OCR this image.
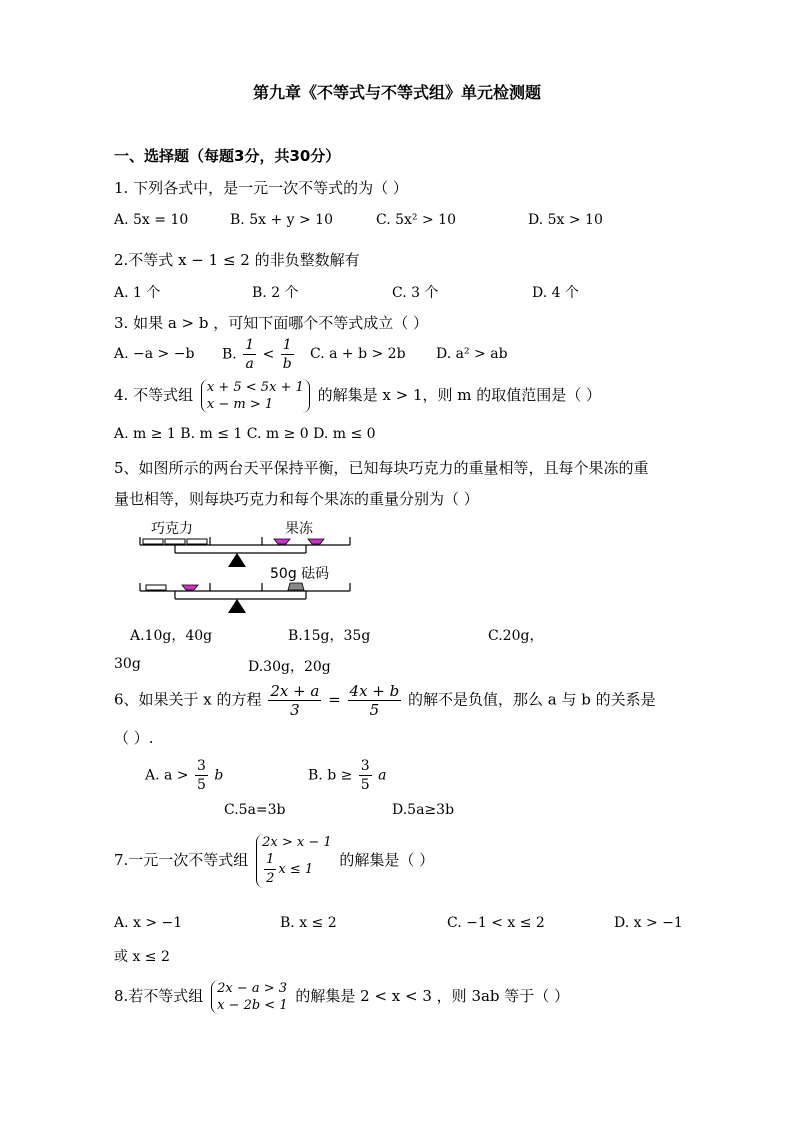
第九章《不等式与不等式组》单元检测题
一、选择题（每题3分，共30分）
1. 下列各式中，是一元一次不等式的为（ ）
A. 5x = 10	B. 5x + y > 10	C. 5x² > 10	D. 5x > 10
2.不等式 x − 1 ≤ 2 的非负整数解有
A. 1 个	B. 2 个	C. 3 个	D. 4 个
3. 如果 a > b ，可知下面哪个不等式成立（ ）
A. −a > −b B. $\frac{1}{a} < \frac{1}{b} C$. a + b > 2b D. a² > ab
4. 不等式组 x + 5 < 5x + 1
x − m > 1
的解集是 x > 1，则 m 的取值范围是（ ）
A. m ≥ 1 B. m ≤ 1 C. m ≥ 0 D. m ≤ 0
5、如图所示的两台天平保持平衡，已知每块巧克力的重量相等，且每个果冻的重
量也相等，则每块巧克力和每个果冻的重量分别为（ ）
巧克力	果冻
50g 砝码
A.10g，40g	B.15g，35g	C.20g，
30g	D.30g，20g
6、如果关于 x 的方程 $\frac{2x + a}{3} = \frac{4x + b}{5}$ 的解不是负值，那么 a 与 b 的关系是
（ ）.
A. $a > \frac{3}{5}$ b	B. $b \ge \frac{3}{5}$ a
C.5a=3b	D.5a≥3b
7.一元一次不等式组
2x > x − 1
$\frac{1}{2}$ x ≤ 1
的解集是（ ）
A. x > −1	B. x ≤ 2	C. −1 < x ≤ 2	D. x > −1
或 x ≤ 2
8.若不等式组 2x − a > 3
x − 2b < 1
的解集是 2 < x < 3 ，则 3ab 等于（ ）
